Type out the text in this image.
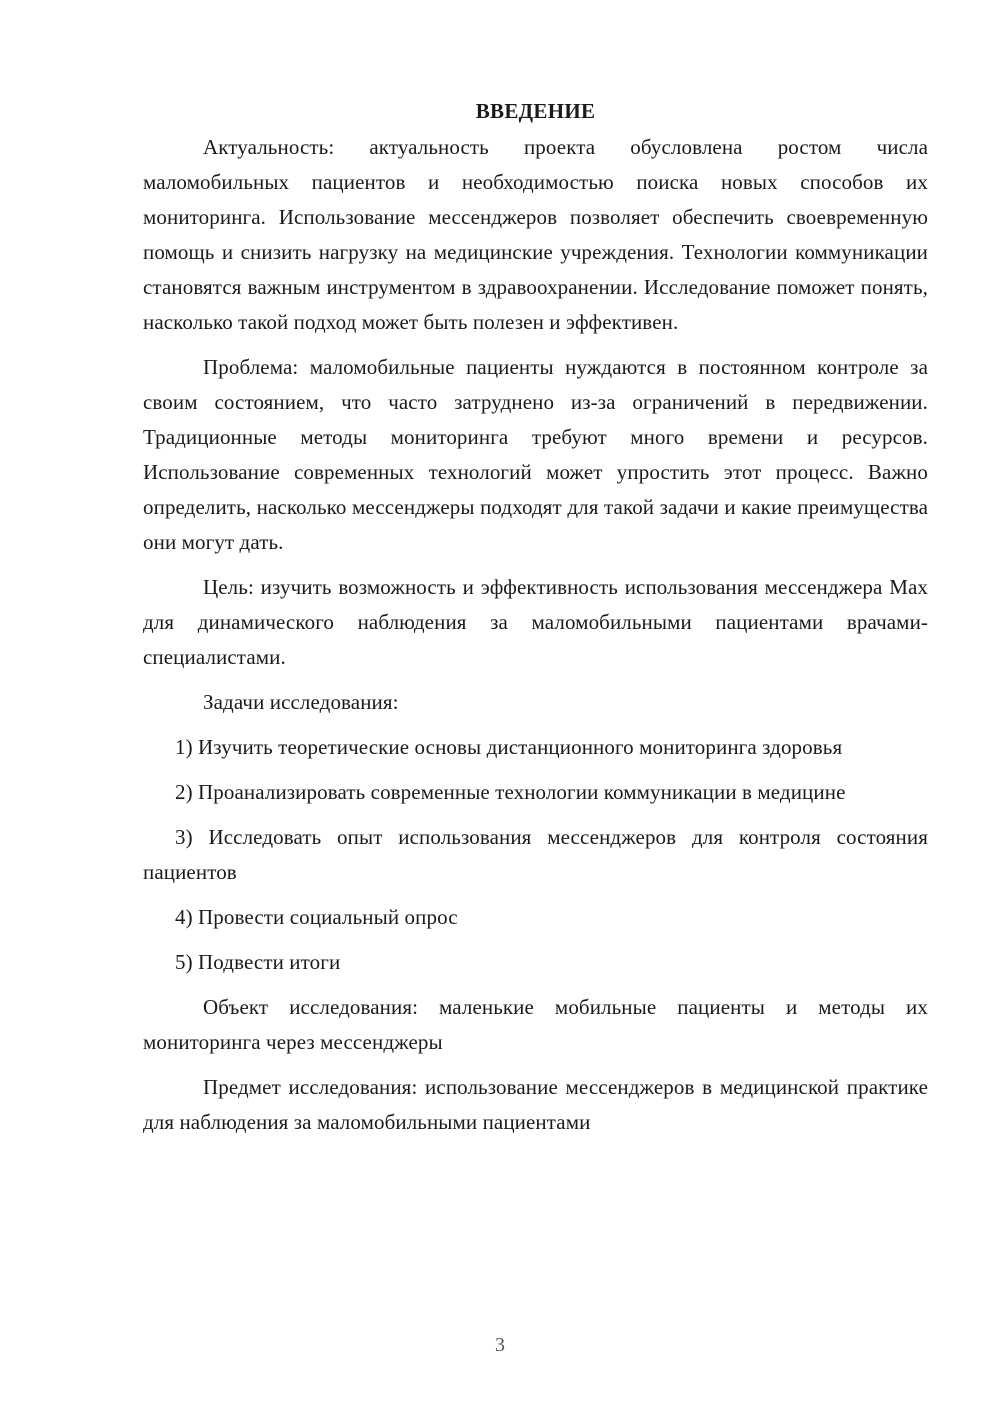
ВВЕДЕНИЕ

Актуальность: актуальность проекта обусловлена ростом числа маломобильных пациентов и необходимостью поиска новых способов их мониторинга. Использование мессенджеров позволяет обеспечить своевременную помощь и снизить нагрузку на медицинские учреждения. Технологии коммуникации становятся важным инструментом в здравоохранении. Исследование поможет понять, насколько такой подход может быть полезен и эффективен.

Проблема: маломобильные пациенты нуждаются в постоянном контроле за своим состоянием, что часто затруднено из-за ограничений в передвижении. Традиционные методы мониторинга требуют много времени и ресурсов. Использование современных технологий может упростить этот процесс. Важно определить, насколько мессенджеры подходят для такой задачи и какие преимущества они могут дать.

Цель: изучить возможность и эффективность использования мессенджера Max для динамического наблюдения за маломобильными пациентами врачами-специалистами.

Задачи исследования:

1) Изучить теоретические основы дистанционного мониторинга здоровья

2) Проанализировать современные технологии коммуникации в медицине

3) Исследовать опыт использования мессенджеров для контроля состояния пациентов

4) Провести социальный опрос

5) Подвести итоги

Объект исследования: маленькие мобильные пациенты и методы их мониторинга через мессенджеры

Предмет исследования: использование мессенджеров в медицинской практике для наблюдения за маломобильными пациентами

3
